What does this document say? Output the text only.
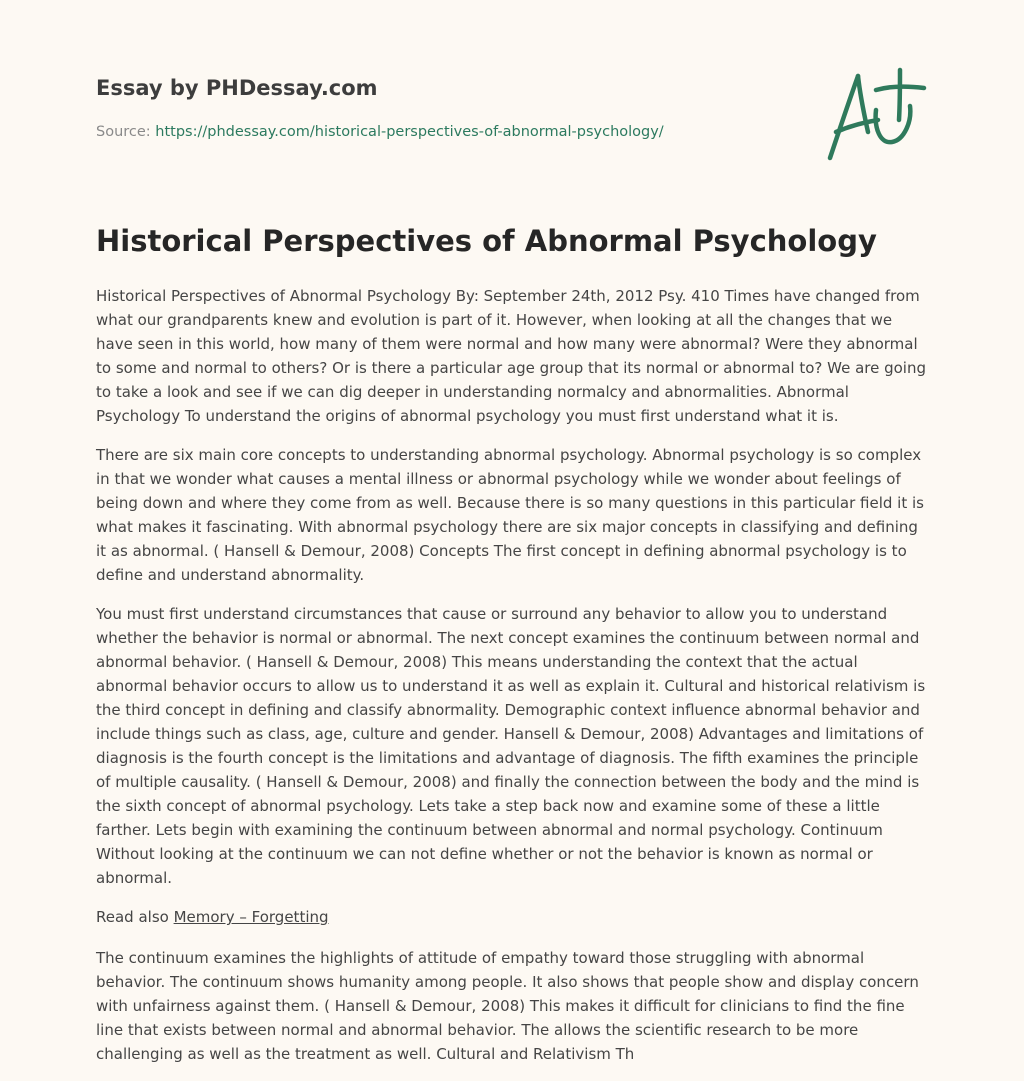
Essay by PHDessay.com
Source: https://phdessay.com/historical-perspectives-of-abnormal-psychology/
Historical Perspectives of Abnormal Psychology

Historical Perspectives of Abnormal Psychology By: September 24th, 2012 Psy. 410 Times have changed from what our grandparents knew and evolution is part of it. However, when looking at all the changes that we have seen in this world, how many of them were normal and how many were abnormal? Were they abnormal to some and normal to others? Or is there a particular age group that its normal or abnormal to? We are going to take a look and see if we can dig deeper in understanding normalcy and abnormalities. Abnormal Psychology To understand the origins of abnormal psychology you must first understand what it is.

There are six main core concepts to understanding abnormal psychology. Abnormal psychology is so complex in that we wonder what causes a mental illness or abnormal psychology while we wonder about feelings of being down and where they come from as well. Because there is so many questions in this particular field it is what makes it fascinating. With abnormal psychology there are six major concepts in classifying and defining it as abnormal. ( Hansell & Demour, 2008) Concepts The first concept in defining abnormal psychology is to define and understand abnormality.

You must first understand circumstances that cause or surround any behavior to allow you to understand whether the behavior is normal or abnormal. The next concept examines the continuum between normal and abnormal behavior. ( Hansell & Demour, 2008) This means understanding the context that the actual abnormal behavior occurs to allow us to understand it as well as explain it. Cultural and historical relativism is the third concept in defining and classify abnormality. Demographic context influence abnormal behavior and include things such as class, age, culture and gender. Hansell & Demour, 2008) Advantages and limitations of diagnosis is the fourth concept is the limitations and advantage of diagnosis. The fifth examines the principle of multiple causality. ( Hansell & Demour, 2008) and finally the connection between the body and the mind is the sixth concept of abnormal psychology. Lets take a step back now and examine some of these a little farther. Lets begin with examining the continuum between abnormal and normal psychology. Continuum Without looking at the continuum we can not define whether or not the behavior is known as normal or abnormal.

Read also Memory – Forgetting

The continuum examines the highlights of attitude of empathy toward those struggling with abnormal behavior. The continuum shows humanity among people. It also shows that people show and display concern with unfairness against them. ( Hansell & Demour, 2008) This makes it difficult for clinicians to find the fine line that exists between normal and abnormal behavior. The allows the scientific research to be more challenging as well as the treatment as well. Cultural and Relativism Th
